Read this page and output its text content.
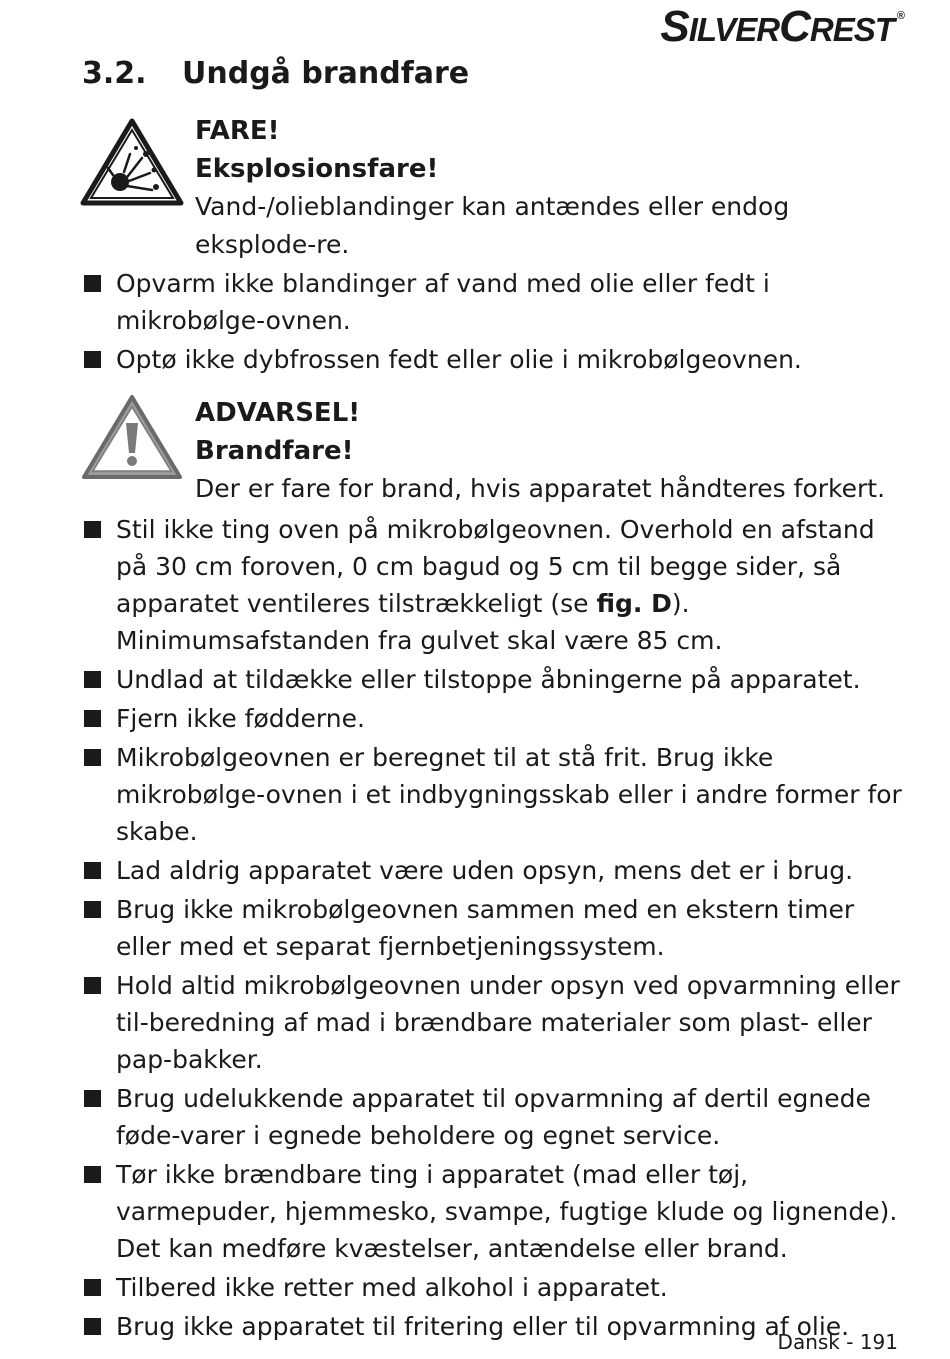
SILVERCREST ®
3.2. Undgå brandfare
FARE!
Eksplosionsfare!
Vand-/olieblandinger kan antændes eller endog eksplode-re.
Opvarm ikke blandinger af vand med olie eller fedt i mikrobølge-ovnen.
Optø ikke dybfrossen fedt eller olie i mikrobølgeovnen.
ADVARSEL!
Brandfare!
Der er fare for brand, hvis apparatet håndteres forkert.
Stil ikke ting oven på mikrobølgeovnen. Overhold en afstand på 30 cm foroven, 0 cm bagud og 5 cm til begge sider, så apparatet ventileres tilstrækkeligt (se fig. D). Minimumsafstanden fra gulvet skal være 85 cm.
Undlad at tildække eller tilstoppe åbningerne på apparatet.
Fjern ikke fødderne.
Mikrobølgeovnen er beregnet til at stå frit. Brug ikke mikrobølge-ovnen i et indbygningsskab eller i andre former for skabe.
Lad aldrig apparatet være uden opsyn, mens det er i brug.
Brug ikke mikrobølgeovnen sammen med en ekstern timer eller med et separat fjernbetjeningssystem.
Hold altid mikrobølgeovnen under opsyn ved opvarmning eller til-beredning af mad i brændbare materialer som plast- eller pap-bakker.
Brug udelukkende apparatet til opvarmning af dertil egnede føde-varer i egnede beholdere og egnet service.
Tør ikke brændbare ting i apparatet (mad eller tøj, varmepuder, hjemmesko, svampe, fugtige klude og lignende). Det kan medføre kvæstelser, antændelse eller brand.
Tilbered ikke retter med alkohol i apparatet.
Brug ikke apparatet til fritering eller til opvarmning af olie.
Dansk - 191
